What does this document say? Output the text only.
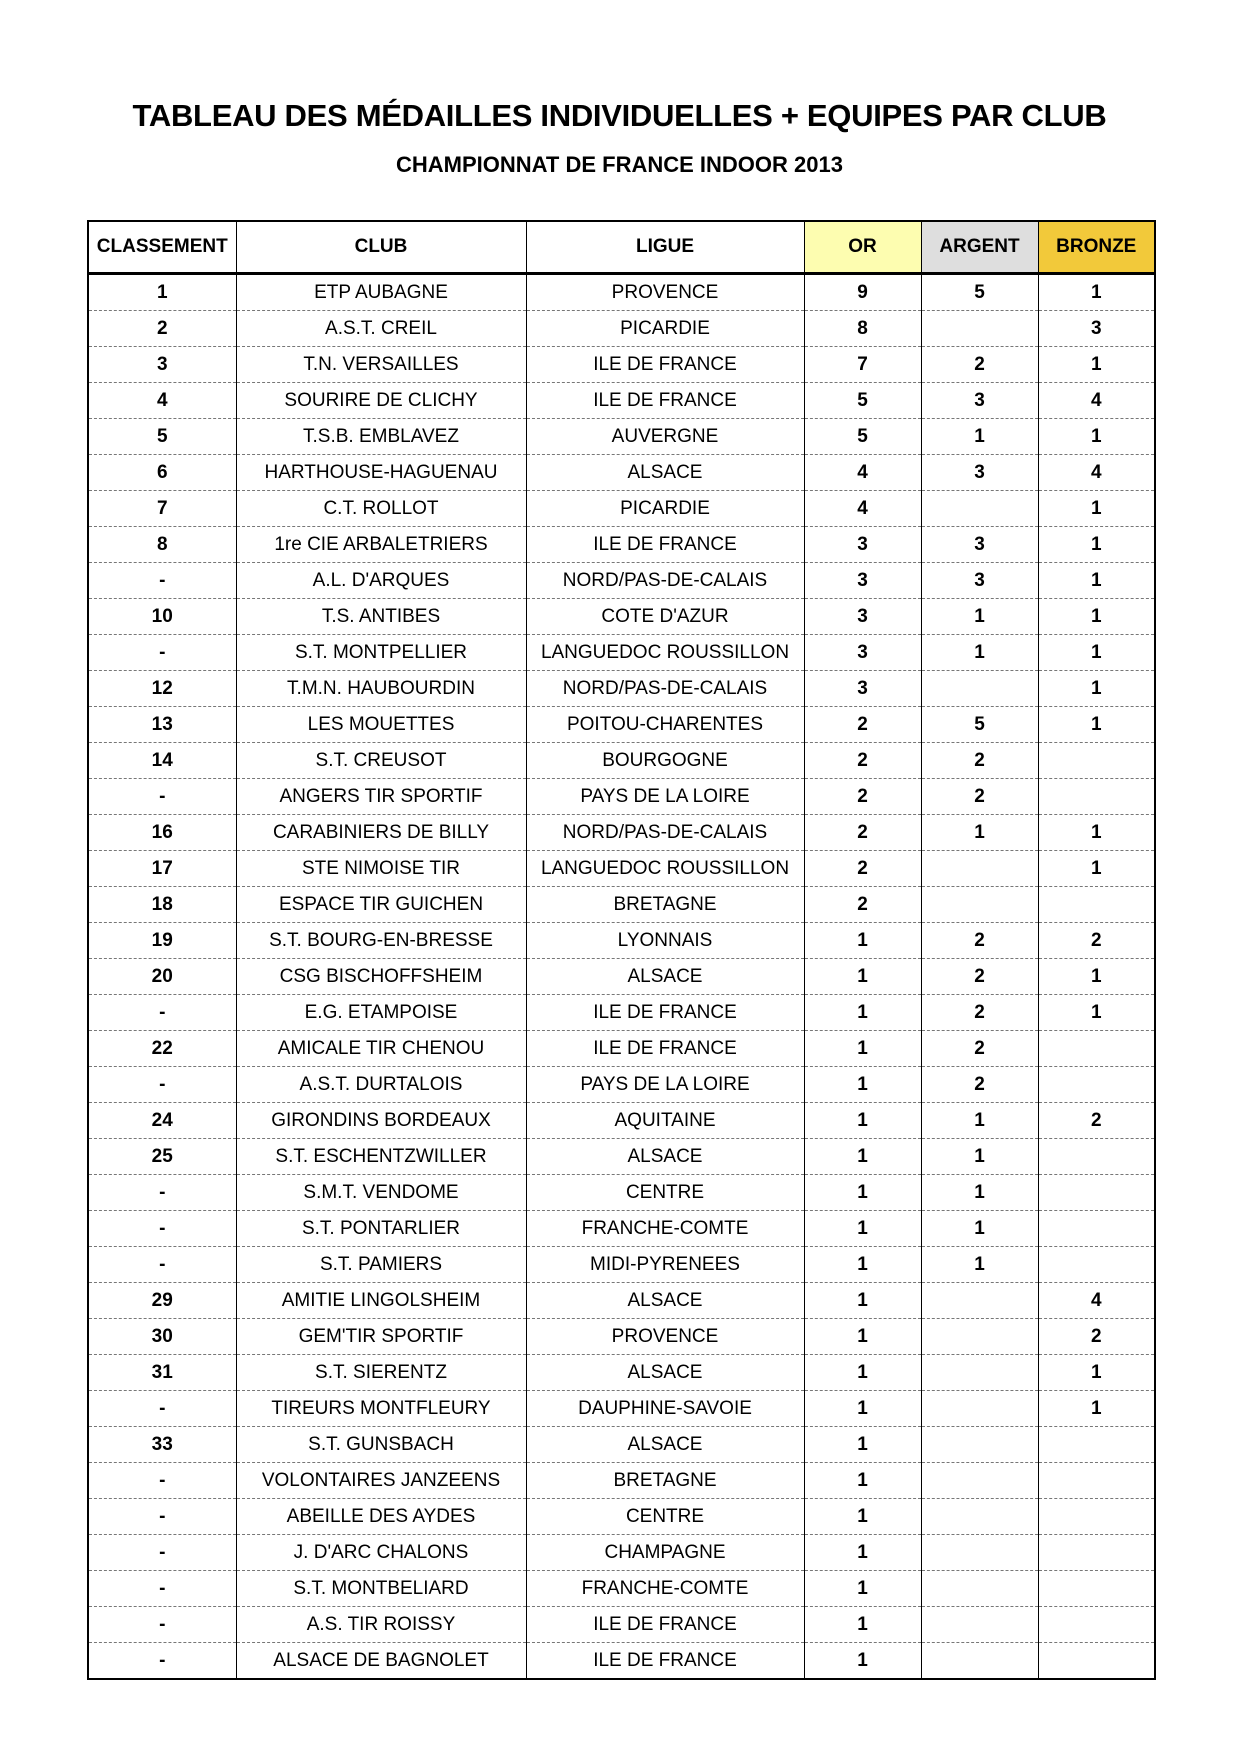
TABLEAU DES MÉDAILLES INDIVIDUELLES + EQUIPES PAR CLUB
CHAMPIONNAT DE FRANCE INDOOR 2013
CLASSEMENT	CLUB	LIGUE	OR	ARGENT	BRONZE
1	ETP AUBAGNE	PROVENCE	9	5	1
2	A.S.T. CREIL	PICARDIE	8		3
3	T.N. VERSAILLES	ILE DE FRANCE	7	2	1
4	SOURIRE DE CLICHY	ILE DE FRANCE	5	3	4
5	T.S.B. EMBLAVEZ	AUVERGNE	5	1	1
6	HARTHOUSE-HAGUENAU	ALSACE	4	3	4
7	C.T. ROLLOT	PICARDIE	4		1
8	1re CIE ARBALETRIERS	ILE DE FRANCE	3	3	1
-	A.L. D'ARQUES	NORD/PAS-DE-CALAIS	3	3	1
10	T.S. ANTIBES	COTE D'AZUR	3	1	1
-	S.T. MONTPELLIER	LANGUEDOC ROUSSILLON	3	1	1
12	T.M.N. HAUBOURDIN	NORD/PAS-DE-CALAIS	3		1
13	LES MOUETTES	POITOU-CHARENTES	2	5	1
14	S.T. CREUSOT	BOURGOGNE	2	2	
-	ANGERS TIR SPORTIF	PAYS DE LA LOIRE	2	2	
16	CARABINIERS DE BILLY	NORD/PAS-DE-CALAIS	2	1	1
17	STE NIMOISE TIR	LANGUEDOC ROUSSILLON	2		1
18	ESPACE TIR GUICHEN	BRETAGNE	2		
19	S.T. BOURG-EN-BRESSE	LYONNAIS	1	2	2
20	CSG BISCHOFFSHEIM	ALSACE	1	2	1
-	E.G. ETAMPOISE	ILE DE FRANCE	1	2	1
22	AMICALE TIR CHENOU	ILE DE FRANCE	1	2	
-	A.S.T. DURTALOIS	PAYS DE LA LOIRE	1	2	
24	GIRONDINS BORDEAUX	AQUITAINE	1	1	2
25	S.T. ESCHENTZWILLER	ALSACE	1	1	
-	S.M.T. VENDOME	CENTRE	1	1	
-	S.T. PONTARLIER	FRANCHE-COMTE	1	1	
-	S.T. PAMIERS	MIDI-PYRENEES	1	1	
29	AMITIE LINGOLSHEIM	ALSACE	1		4
30	GEM'TIR SPORTIF	PROVENCE	1		2
31	S.T. SIERENTZ	ALSACE	1		1
-	TIREURS MONTFLEURY	DAUPHINE-SAVOIE	1		1
33	S.T. GUNSBACH	ALSACE	1		
-	VOLONTAIRES JANZEENS	BRETAGNE	1		
-	ABEILLE DES AYDES	CENTRE	1		
-	J. D'ARC CHALONS	CHAMPAGNE	1		
-	S.T. MONTBELIARD	FRANCHE-COMTE	1		
-	A.S. TIR ROISSY	ILE DE FRANCE	1		
-	ALSACE DE BAGNOLET	ILE DE FRANCE	1		
